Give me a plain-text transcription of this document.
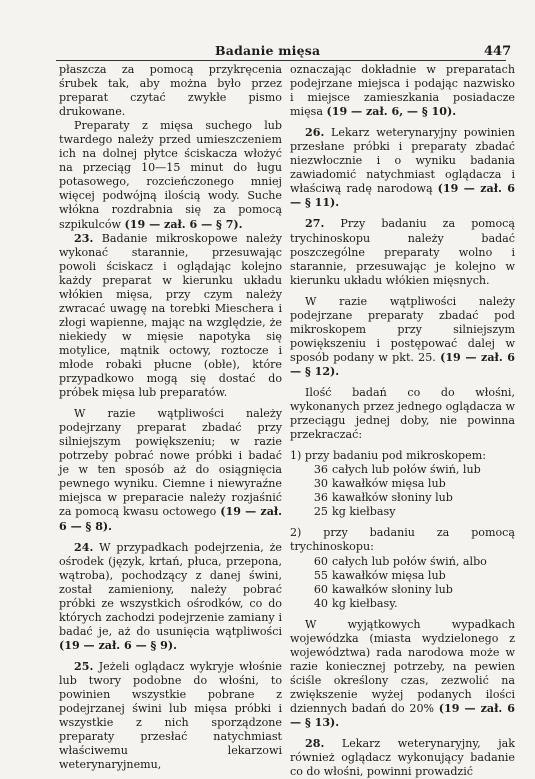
Badanie mięsa	447

płaszcza za pomocą przykręcenia śrubek tak, aby można było przez preparat czytać zwykłe pismo drukowane.

Preparaty z mięsa suchego lub twardego należy przed umieszczeniem ich na dolnej płytce ściskacza włożyć na przeciąg 10—15 minut do ługu potasowego, rozcieńczonego mniej więcej podwójną ilością wody. Suche włókna rozdrabnia się za pomocą szpikulców (19 — zał. 6 — § 7).

23. Badanie mikroskopowe należy wykonać starannie, przesuwając powoli ściskacz i oglądając kolejno każdy preparat w kierunku układu włókien mięsa, przy czym należy zwracać uwagę na torebki Mieschera i złogi wapienne, mając na względzie, że niekiedy w mięsie napotyka się motylice, mątnik octowy, roztocze i młode robaki płucne (obłe), które przypadkowo mogą się dostać do próbek mięsa lub preparatów.

W razie wątpliwości należy podejrzany preparat zbadać przy silniejszym powiększeniu; w razie potrzeby pobrać nowe próbki i badać je w ten sposób aż do osiągnięcia pewnego wyniku. Ciemne i niewyraźne miejsca w preparacie należy rozjaśnić za pomocą kwasu octowego (19 — zał. 6 — § 8).

24. W przypadkach podejrzenia, że ośrodek (język, krtań, płuca, przepona, wątroba), pochodzący z danej świni, został zamieniony, należy pobrać próbki ze wszystkich ośrodków, co do których zachodzi podejrzenie zamiany i badać je, aż do usunięcia wątpliwości (19 — zał. 6 — § 9).

25. Jeżeli oglądacz wykryje włośnie lub twory podobne do włośni, to powinien wszystkie pobrane z podejrzanej świni lub mięsa próbki i wszystkie z nich sporządzone preparaty przesłać natychmiast właściwemu lekarzowi weterynaryjnemu,

oznaczając dokładnie w preparatach podejrzane miejsca i podając nazwisko i miejsce zamieszkania posiadacze mięsa (19 — zał. 6, — § 10).

26. Lekarz weterynaryjny powinien przesłane próbki i preparaty zbadać niezwłocznie i o wyniku badania zawiadomić natychmiast oglądacza i właściwą radę narodową (19 — zał. 6 — § 11).

27. Przy badaniu za pomocą trychinoskopu należy badać poszczególne preparaty wolno i starannie, przesuwając je kolejno w kierunku układu włókien mięsnych.

W razie wątpliwości należy podejrzane preparaty zbadać pod mikroskopem przy silniejszym powiększeniu i postępować dalej w sposób podany w pkt. 25. (19 — zał. 6 — § 12).

Ilość badań co do włośni, wykonanych przez jednego oglądacza w przeciągu jednej doby, nie powinna przekraczać:

1) przy badaniu pod mikroskopem:

36 całych lub połów świń, lub
30 kawałków mięsa lub
36 kawałków słoniny lub
25 kg kiełbasy

2) przy badaniu za pomocą trychinoskopu:

60 całych lub połów świń, albo
55 kawałków mięsa lub
60 kawałków słoniny lub
40 kg kiełbasy.

W wyjątkowych wypadkach wojewódzka (miasta wydzielonego z województwa) rada narodowa może w razie koniecznej potrzeby, na pewien ściśle określony czas, zezwolić na zwiększenie wyżej podanych ilości dziennych badań do 20% (19 — zał. 6 — § 13).

28. Lekarz weterynaryjny, jak również oglądacz wykonujący badanie co do włośni, powinni prowadzić
